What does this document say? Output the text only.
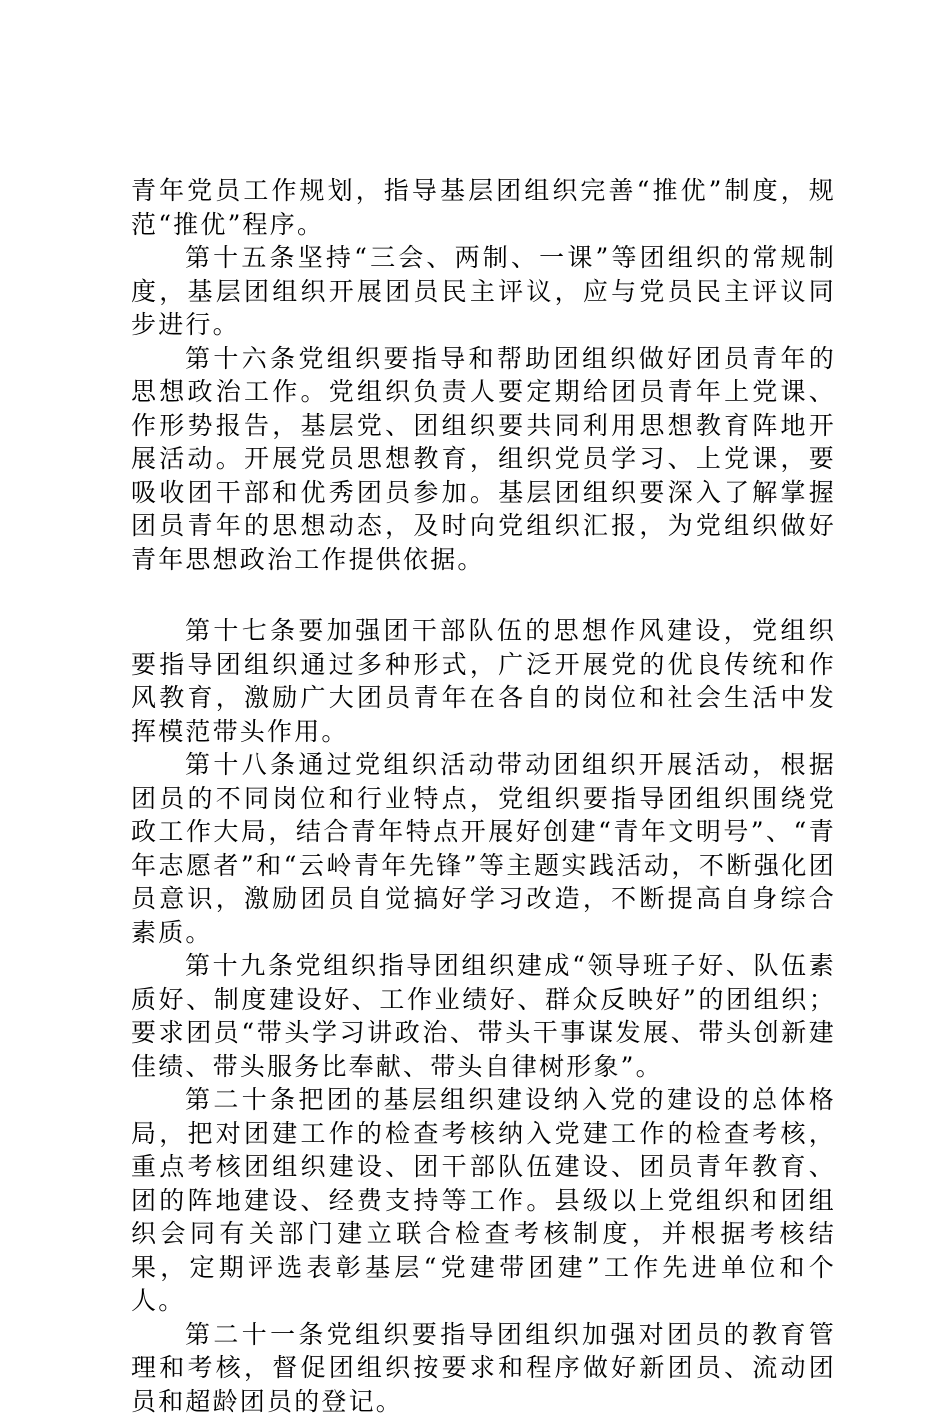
青年党员工作规划，指导基层团组织完善“推优”制度，规范“推优”程序。

第十五条坚持“三会、两制、一课”等团组织的常规制度，基层团组织开展团员民主评议，应与党员民主评议同步进行。

第十六条党组织要指导和帮助团组织做好团员青年的思想政治工作。党组织负责人要定期给团员青年上党课、作形势报告，基层党、团组织要共同利用思想教育阵地开展活动。开展党员思想教育，组织党员学习、上党课，要吸收团干部和优秀团员参加。基层团组织要深入了解掌握团员青年的思想动态，及时向党组织汇报，为党组织做好青年思想政治工作提供依据。

第十七条要加强团干部队伍的思想作风建设，党组织要指导团组织通过多种形式，广泛开展党的优良传统和作风教育，激励广大团员青年在各自的岗位和社会生活中发挥模范带头作用。

第十八条通过党组织活动带动团组织开展活动，根据团员的不同岗位和行业特点，党组织要指导团组织围绕党政工作大局，结合青年特点开展好创建“青年文明号”、“青年志愿者”和“云岭青年先锋”等主题实践活动，不断强化团员意识，激励团员自觉搞好学习改造，不断提高自身综合素质。

第十九条党组织指导团组织建成“领导班子好、队伍素质好、制度建设好、工作业绩好、群众反映好”的团组织；要求团员“带头学习讲政治、带头干事谋发展、带头创新建佳绩、带头服务比奉献、带头自律树形象”。

第二十条把团的基层组织建设纳入党的建设的总体格局，把对团建工作的检查考核纳入党建工作的检查考核，重点考核团组织建设、团干部队伍建设、团员青年教育、团的阵地建设、经费支持等工作。县级以上党组织和团组织会同有关部门建立联合检查考核制度，并根据考核结果，定期评选表彰基层“党建带团建”工作先进单位和个人。

第二十一条党组织要指导团组织加强对团员的教育管理和考核，督促团组织按要求和程序做好新团员、流动团员和超龄团员的登记。
